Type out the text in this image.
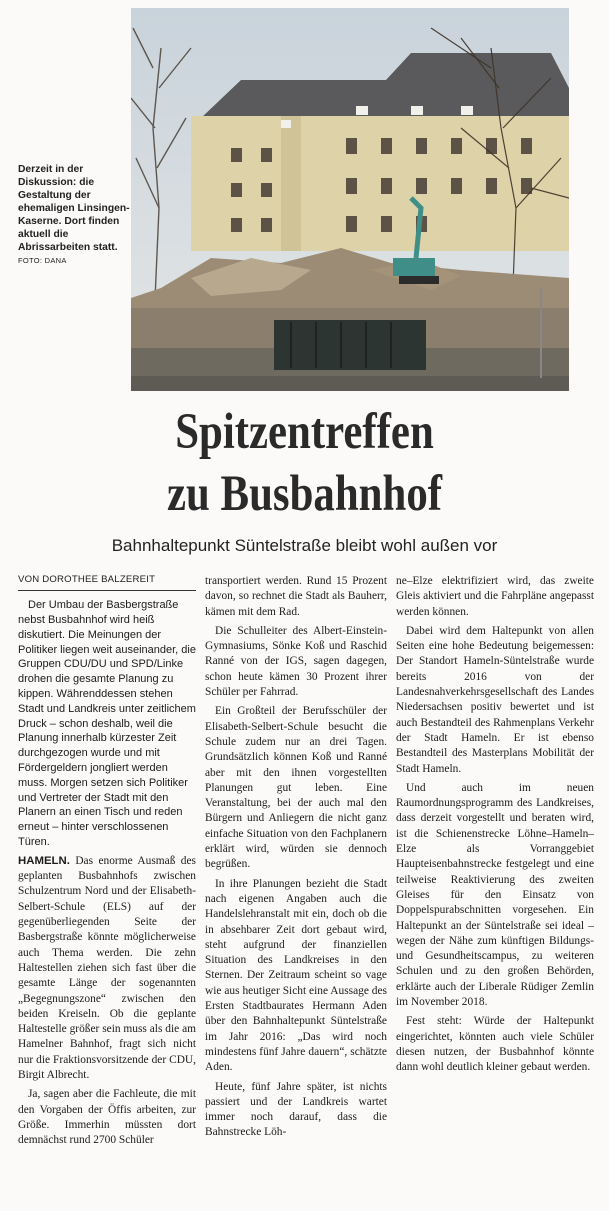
Derzeit in der Diskussion: die Gestaltung der ehemaligen Linsingen-Kaserne. Dort finden aktuell die Abrissarbeiten statt. FOTO: DANA
Spitzentreffen
zu Busbahnhof
Bahnhaltepunkt Süntelstraße bleibt wohl außen vor
VON DOROTHEE BALZEREIT

Der Umbau der Basbergstraße nebst Busbahnhof wird heiß diskutiert. Die Meinungen der Politiker liegen weit auseinander, die Gruppen CDU/DU und SPD/Linke drohen die gesamte Planung zu kippen. Währenddessen stehen Stadt und Landkreis unter zeitlichem Druck – schon deshalb, weil die Planung innerhalb kürzester Zeit durchgezogen wurde und mit Fördergeldern jongliert werden muss. Morgen setzen sich Politiker und Vertreter der Stadt mit den Planern an einen Tisch und reden erneut – hinter verschlossenen Türen.

HAMELN. Das enorme Ausmaß des geplanten Busbahnhofs zwischen Schulzentrum Nord und der Elisabeth-Selbert-Schule (ELS) auf der gegenüberliegenden Seite der Basbergstraße könnte möglicherweise auch Thema werden. Die zehn Haltestellen ziehen sich fast über die gesamte Länge der sogenannten „Begegnungszone“ zwischen den beiden Kreiseln. Ob die geplante Haltestelle größer sein muss als die am Hamelner Bahnhof, fragt sich nicht nur die Fraktionsvorsitzende der CDU, Birgit Albrecht.

Ja, sagen aber die Fachleute, die mit den Vorgaben der Öffis arbeiten, zur Größe. Immerhin müssten dort demnächst rund 2700 Schüler

transportiert werden. Rund 15 Prozent davon, so rechnet die Stadt als Bauherr, kämen mit dem Rad.

Die Schulleiter des Albert-Einstein-Gymnasiums, Sönke Koß und Raschid Ranné von der IGS, sagen dagegen, schon heute kämen 30 Prozent ihrer Schüler per Fahrrad.

Ein Großteil der Berufsschüler der Elisabeth-Selbert-Schule besucht die Schule zudem nur an drei Tagen. Grundsätzlich können Koß und Ranné aber mit den ihnen vorgestellten Planungen gut leben. Eine Veranstaltung, bei der auch mal den Bürgern und Anliegern die nicht ganz einfache Situation von den Fachplanern erklärt wird, würden sie dennoch begrüßen.

In ihre Planungen bezieht die Stadt nach eigenen Angaben auch die Handelslehranstalt mit ein, doch ob die in absehbarer Zeit dort gebaut wird, steht aufgrund der finanziellen Situation des Landkreises in den Sternen. Der Zeitraum scheint so vage wie aus heutiger Sicht eine Aussage des Ersten Stadtbaurates Hermann Aden über den Bahnhaltepunkt Süntelstraße im Jahr 2016: „Das wird noch mindestens fünf Jahre dauern“, schätzte Aden.

Heute, fünf Jahre später, ist nichts passiert und der Landkreis wartet immer noch darauf, dass die Bahnstrecke Löh-

ne–Elze elektrifiziert wird, das zweite Gleis aktiviert und die Fahrpläne angepasst werden können.

Dabei wird dem Haltepunkt von allen Seiten eine hohe Bedeutung beigemessen: Der Standort Hameln-Süntelstraße wurde bereits 2016 von der Landesnahverkehrsgesellschaft des Landes Niedersachsen positiv bewertet und ist auch Bestandteil des Rahmenplans Verkehr der Stadt Hameln. Er ist ebenso Bestandteil des Masterplans Mobilität der Stadt Hameln.

Und auch im neuen Raumordnungsprogramm des Landkreises, dass derzeit vorgestellt und beraten wird, ist die Schienenstrecke Löhne–Hameln–Elze als Vorranggebiet Haupteisenbahnstrecke festgelegt und eine teilweise Reaktivierung des zweiten Gleises für den Einsatz von Doppelspurabschnitten vorgesehen. Ein Haltepunkt an der Süntelstraße sei ideal – wegen der Nähe zum künftigen Bildungs- und Gesundheitscampus, zu weiteren Schulen und zu den großen Behörden, erklärte auch der Liberale Rüdiger Zemlin im November 2018.

Fest steht: Würde der Haltepunkt eingerichtet, könnten auch viele Schüler diesen nutzen, der Busbahnhof könnte dann wohl deutlich kleiner gebaut werden.
